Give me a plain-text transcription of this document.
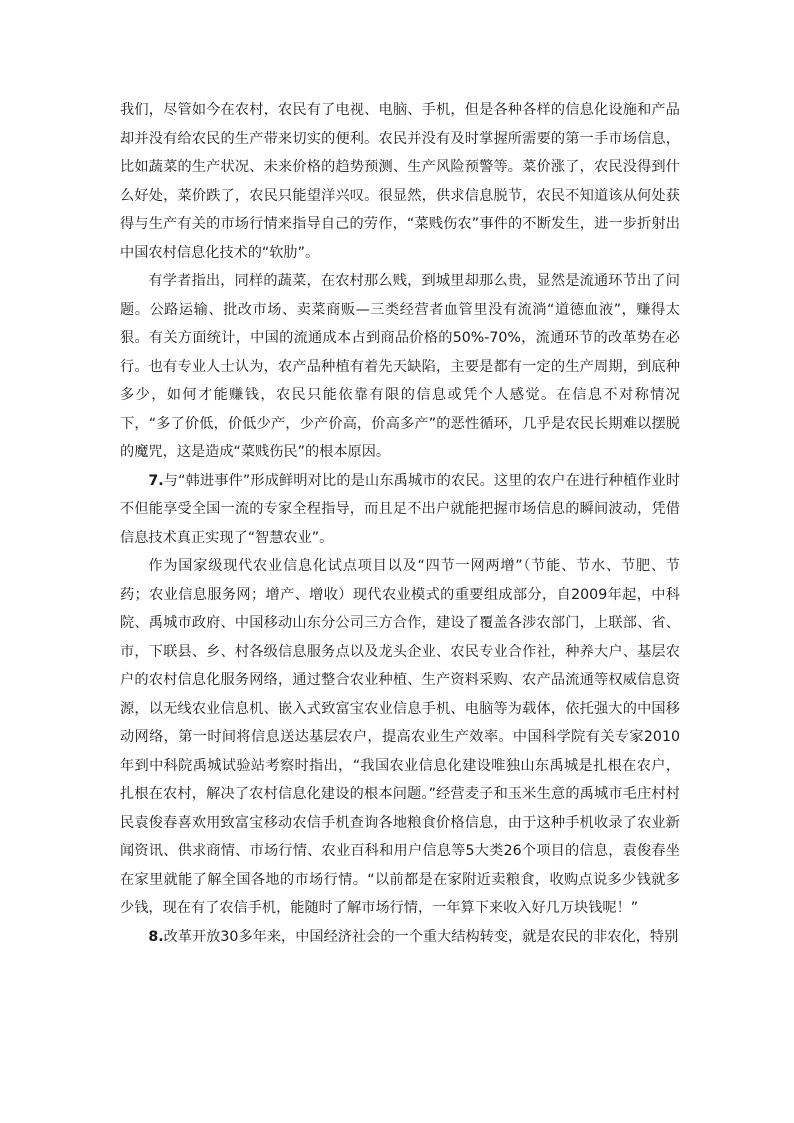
我们，尽管如今在农村，农民有了电视、电脑、手机，但是各种各样的信息化设施和产品却并没有给农民的生产带来切实的便利。农民并没有及时掌握所需要的第一手市场信息，比如蔬菜的生产状况、未来价格的趋势预测、生产风险预警等。菜价涨了，农民没得到什么好处，菜价跌了，农民只能望洋兴叹。很显然，供求信息脱节，农民不知道该从何处获得与生产有关的市场行情来指导自己的劳作，“菜贱伤农”事件的不断发生，进一步折射出中国农村信息化技术的“软肋”。

有学者指出，同样的蔬菜，在农村那么贱，到城里却那么贵，显然是流通环节出了问题。公路运输、批改市场、卖菜商贩—三类经营者血管里没有流淌“道德血液”，赚得太狠。有关方面统计，中国的流通成本占到商品价格的50%-70%，流通环节的改革势在必行。也有专业人士认为，农产品种植有着先天缺陷，主要是都有一定的生产周期，到底种多少，如何才能赚钱，农民只能依靠有限的信息或凭个人感觉。在信息不对称情况下，“多了价低，价低少产，少产价高，价高多产”的恶性循环，几乎是农民长期难以摆脱的魔咒，这是造成“菜贱伤民”的根本原因。

7.与“韩进事件”形成鲜明对比的是山东禹城市的农民。这里的农户在进行种植作业时不但能享受全国一流的专家全程指导，而且足不出户就能把握市场信息的瞬间波动，凭借信息技术真正实现了“智慧农业”。

作为国家级现代农业信息化试点项目以及“四节一网两增”（节能、节水、节肥、节药；农业信息服务网；增产、增收）现代农业模式的重要组成部分，自2009年起，中科院、禹城市政府、中国移动山东分公司三方合作，建设了覆盖各涉农部门，上联部、省、市，下联县、乡、村各级信息服务点以及龙头企业、农民专业合作社，种养大户、基层农户的农村信息化服务网络，通过整合农业种植、生产资料采购、农产品流通等权威信息资源，以无线农业信息机、嵌入式致富宝农业信息手机、电脑等为载体，依托强大的中国移动网络，第一时间将信息送达基层农户，提高农业生产效率。中国科学院有关专家2010年到中科院禹城试验站考察时指出，“我国农业信息化建设唯独山东禹城是扎根在农户，扎根在农村，解决了农村信息化建设的根本问题。”经营麦子和玉米生意的禹城市毛庄村村民袁俊春喜欢用致富宝移动农信手机查询各地粮食价格信息，由于这种手机收录了农业新闻资讯、供求商情、市场行情、农业百科和用户信息等5大类26个项目的信息，袁俊春坐在家里就能了解全国各地的市场行情。“以前都是在家附近卖粮食，收购点说多少钱就多少钱，现在有了农信手机，能随时了解市场行情，一年算下来收入好几万块钱呢！”

8.改革开放30多年来，中国经济社会的一个重大结构转变，就是农民的非农化，特别
